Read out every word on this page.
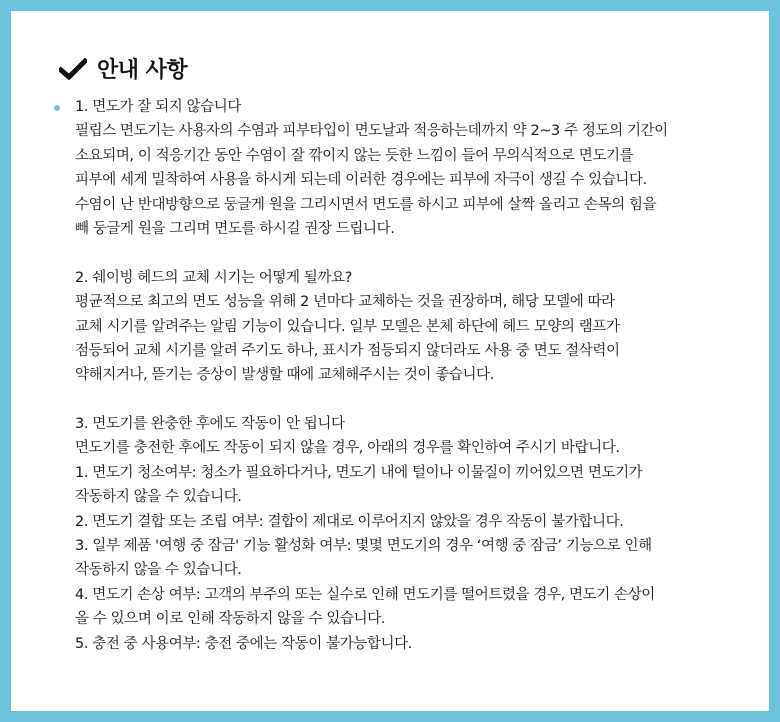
안내 사항
1. 면도가 잘 되지 않습니다
필립스 면도기는 사용자의 수염과 피부타입이 면도날과 적응하는데까지 약 2~3 주 정도의 기간이
소요되며, 이 적응기간 동안 수염이 잘 깎이지 않는 듯한 느낌이 들어 무의식적으로 면도기를
피부에 세게 밀착하여 사용을 하시게 되는데 이러한 경우에는 피부에 자극이 생길 수 있습니다.
수염이 난 반대방향으로 둥글게 원을 그리시면서 면도를 하시고 피부에 살짝 올리고 손목의 힘을
빼 둥글게 원을 그리며 면도를 하시길 권장 드립니다.
2. 쉐이빙 헤드의 교체 시기는 어떻게 될까요?
평균적으로 최고의 면도 성능을 위해 2 년마다 교체하는 것을 권장하며, 해당 모델에 따라
교체 시기를 알려주는 알림 기능이 있습니다. 일부 모델은 본체 하단에 헤드 모양의 램프가
점등되어 교체 시기를 알려 주기도 하나, 표시가 점등되지 않더라도 사용 중 면도 절삭력이
약해지거나, 뜯기는 증상이 발생할 때에 교체해주시는 것이 좋습니다.
3. 면도기를 완충한 후에도 작동이 안 됩니다
면도기를 충전한 후에도 작동이 되지 않을 경우, 아래의 경우를 확인하여 주시기 바랍니다.
1. 면도기 청소여부: 청소가 필요하다거나, 면도기 내에 털이나 이물질이 끼어있으면 면도기가
작동하지 않을 수 있습니다.
2. 면도기 결합 또는 조립 여부: 결합이 제대로 이루어지지 않았을 경우 작동이 불가합니다.
3. 일부 제품 '여행 중 잠금' 기능 활성화 여부: 몇몇 면도기의 경우 ‘여행 중 잠금’ 기능으로 인해
작동하지 않을 수 있습니다.
4. 면도기 손상 여부: 고객의 부주의 또는 실수로 인해 면도기를 떨어트렸을 경우, 면도기 손상이
올 수 있으며 이로 인해 작동하지 않을 수 있습니다.
5. 충전 중 사용여부: 충전 중에는 작동이 불가능합니다.
